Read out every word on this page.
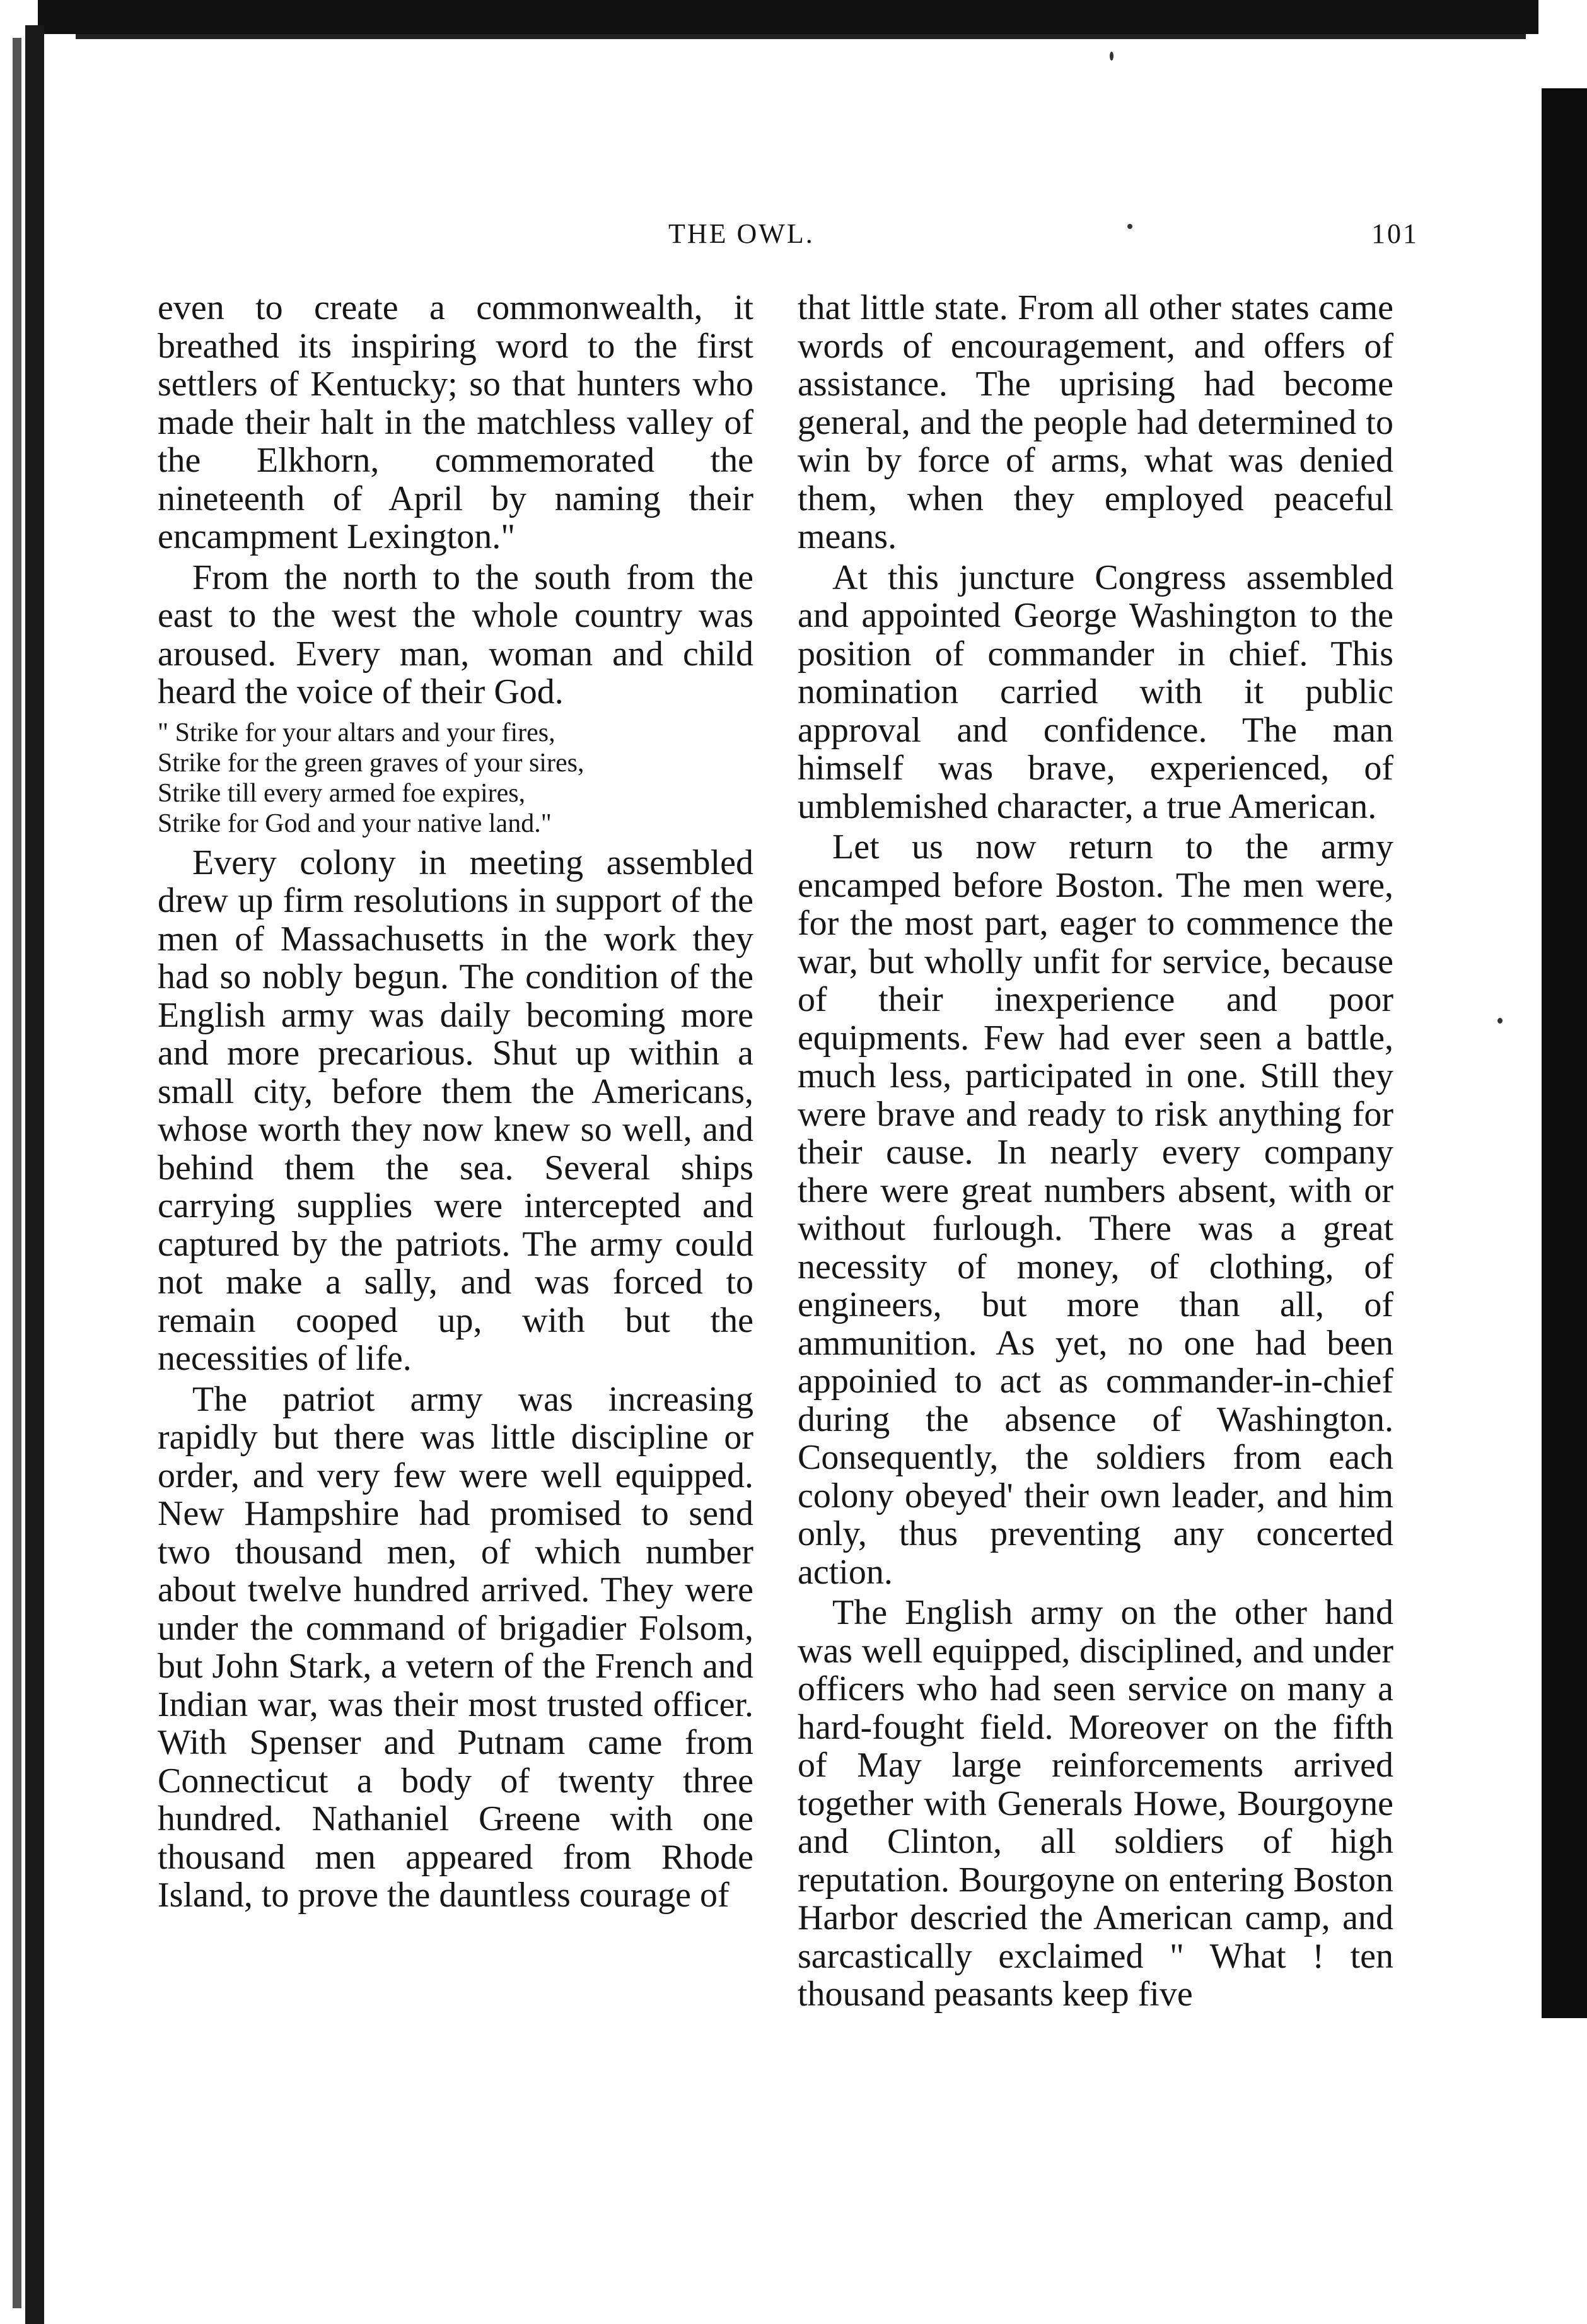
THE OWL.	101

even to create a commonwealth, it breathed its inspiring word to the first settlers of Kentucky; so that hunters who made their halt in the matchless valley of the Elkhorn, commemorated the nineteenth of April by naming their encampment Lexington."

From the north to the south from the east to the west the whole country was aroused. Every man, woman and child heard the voice of their God.

" Strike for your altars and your fires,
Strike for the green graves of your sires,
Strike till every armed foe expires,
Strike for God and your native land."

Every colony in meeting assembled drew up firm resolutions in support of the men of Massachusetts in the work they had so nobly begun. The condition of the English army was daily becoming more and more precarious. Shut up within a small city, before them the Americans, whose worth they now knew so well, and behind them the sea. Several ships carrying supplies were intercepted and captured by the patriots. The army could not make a sally, and was forced to remain cooped up, with but the necessities of life.

The patriot army was increasing rapidly but there was little discipline or order, and very few were well equipped. New Hampshire had promised to send two thousand men, of which number about twelve hundred arrived. They were under the command of brigadier Folsom, but John Stark, a vetern of the French and Indian war, was their most trusted officer. With Spenser and Putnam came from Connecticut a body of twenty three hundred. Nathaniel Greene with one thousand men appeared from Rhode Island, to prove the dauntless courage of

that little state. From all other states came words of encouragement, and offers of assistance. The uprising had become general, and the people had determined to win by force of arms, what was denied them, when they employed peaceful means.

At this juncture Congress assembled and appointed George Washington to the position of commander in chief. This nomination carried with it public approval and confidence. The man himself was brave, experienced, of umblemished character, a true American.

Let us now return to the army encamped before Boston. The men were, for the most part, eager to commence the war, but wholly unfit for service, because of their inexperience and poor equipments. Few had ever seen a battle, much less, participated in one. Still they were brave and ready to risk anything for their cause. In nearly every company there were great numbers absent, with or without furlough. There was a great necessity of money, of clothing, of engineers, but more than all, of ammunition. As yet, no one had been appoinied to act as commander-in-chief during the absence of Washington. Consequently, the soldiers from each colony obeyed' their own leader, and him only, thus preventing any concerted action.

The English army on the other hand was well equipped, disciplined, and under officers who had seen service on many a hard-fought field. Moreover on the fifth of May large reinforcements arrived together with Generals Howe, Bourgoyne and Clinton, all soldiers of high reputation. Bourgoyne on entering Boston Harbor descried the American camp, and sarcastically exclaimed " What ! ten thousand peasants keep five
